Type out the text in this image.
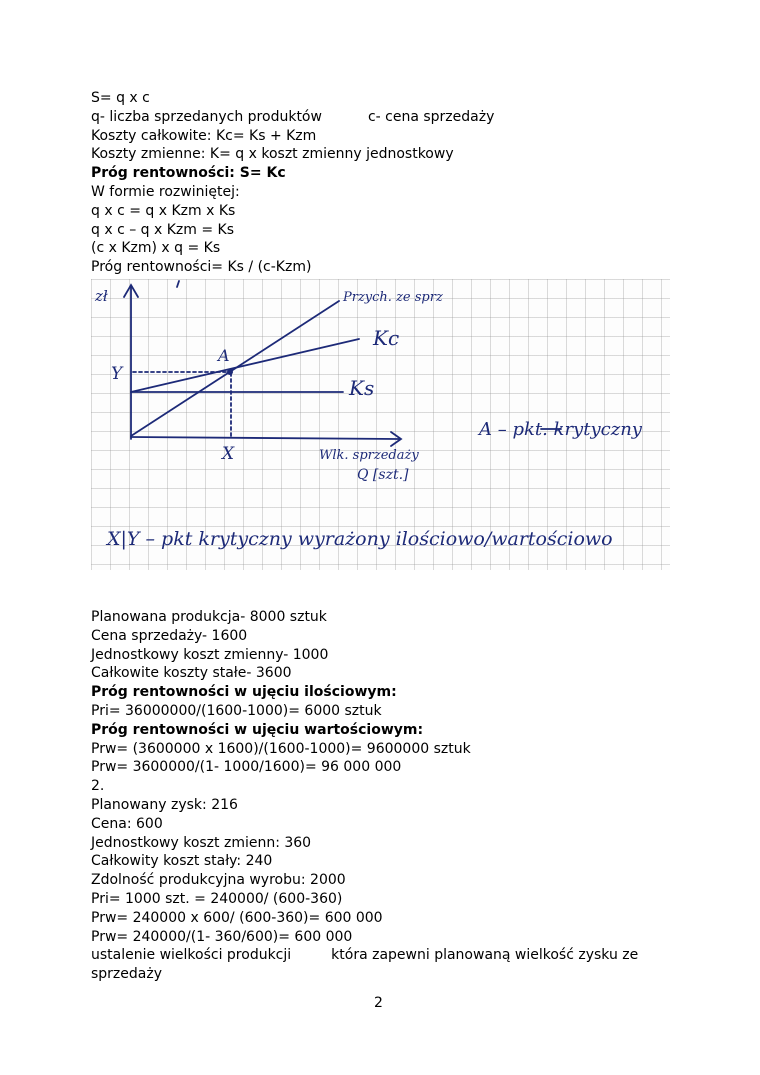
S= q x c
q- liczba sprzedanych produktów	c- cena sprzedaży
Koszty całkowite: Kc= Ks + Kzm
Koszty zmienne: K= q x koszt zmienny jednostkowy
Próg rentowności: S= Kc
W formie rozwiniętej:
q x c = q x Kzm x Ks
q x c – q x Kzm = Ks
(c x Kzm) x q = Ks
Próg rentowności= Ks / (c-Kzm)
zł	Przych. ze sprz
Kc
Ks
A
Y
X	Wlk. sprzedaży
Q [szt.]
A – pkt. krytyczny
X|Y – pkt krytyczny wyrażony ilościowo/wartościowo
Planowana produkcja- 8000 sztuk
Cena sprzedaży- 1600
Jednostkowy koszt zmienny- 1000
Całkowite koszty stałe- 3600
Próg rentowności w ujęciu ilościowym:
Pri= 36000000/(1600-1000)= 6000 sztuk
Próg rentowności w ujęciu wartościowym:
Prw= (3600000 x 1600)/(1600-1000)= 9600000 sztuk
Prw= 3600000/(1- 1000/1600)= 96 000 000
2.
Planowany zysk: 216
Cena: 600
Jednostkowy koszt zmienn: 360
Całkowity koszt stały: 240
Zdolność produkcyjna wyrobu: 2000
Pri= 1000 szt. = 240000/ (600-360)
Prw= 240000 x 600/ (600-360)= 600 000
Prw= 240000/(1- 360/600)= 600 000
ustalenie wielkości produkcji	która zapewni planowaną wielkość zysku ze
sprzedaży
2
